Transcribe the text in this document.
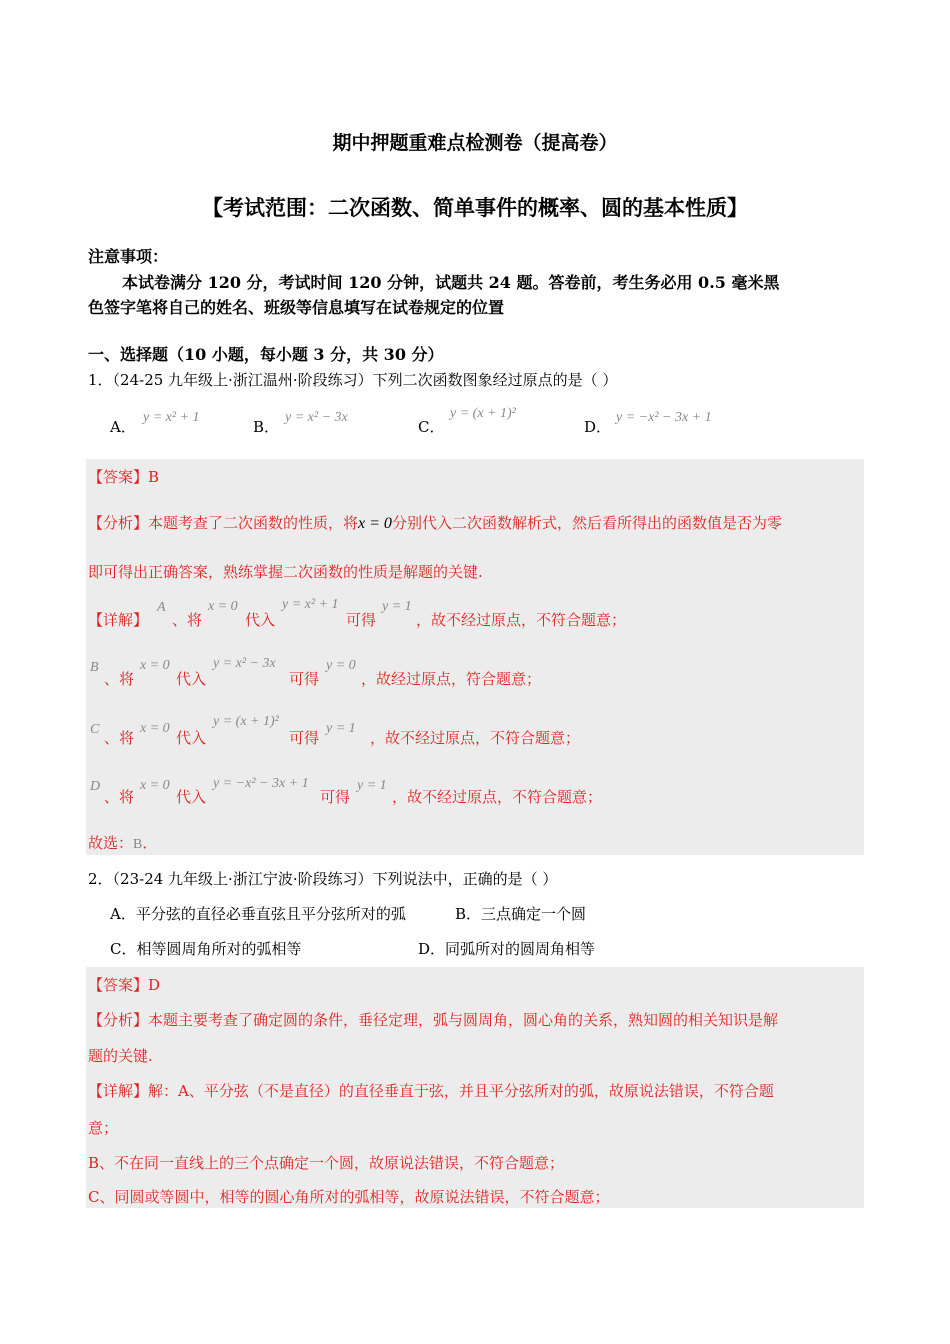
期中押题重难点检测卷（提高卷）
【考试范围：二次函数、简单事件的概率、圆的基本性质】
注意事项：
本试卷满分 120 分，考试时间 120 分钟，试题共 24 题。答卷前，考生务必用 0.5 毫米黑
色签字笔将自己的姓名、班级等信息填写在试卷规定的位置
一、选择题（10 小题，每小题 3 分，共 30 分）
1．（24-25 九年级上·浙江温州·阶段练习）下列二次函数图象经过原点的是（ ）
A．
y = x² + 1
B．
y = x² − 3x
C．
y = (x + 1)²
D．
y = −x² − 3x + 1
【答案】B
【分析】本题考查了二次函数的性质，将x = 0分别代入二次函数解析式，然后看所得出的函数值是否为零
即可得出正确答案，熟练掌握二次函数的性质是解题的关键.
【详解】
A
、将
x = 0
代入
y = x² + 1
可得
y = 1
，故不经过原点，不符合题意；
B
、将
x = 0
代入
y = x² − 3x
可得
y = 0
，故经过原点，符合题意；
C 、将
x = 0
代入
y = (x + 1)²
可得
y = 1
，故不经过原点，不符合题意；
D
、将
x = 0
代入
y = −x² − 3x + 1
可得
y = 1
，故不经过原点，不符合题意；
故选：B．
2．（23-24 九年级上·浙江宁波·阶段练习）下列说法中，正确的是（ ）
A．平分弦的直径必垂直弦且平分弦所对的弧	B．三点确定一个圆
C．相等圆周角所对的弧相等	D．同弧所对的圆周角相等
【答案】D
【分析】本题主要考查了确定圆的条件，垂径定理，弧与圆周角，圆心角的关系，熟知圆的相关知识是解
题的关键.
【详解】解：A、平分弦（不是直径）的直径垂直于弦，并且平分弦所对的弧，故原说法错误，不符合题
意；
B、不在同一直线上的三个点确定一个圆，故原说法错误，不符合题意；
C、同圆或等圆中，相等的圆心角所对的弧相等，故原说法错误，不符合题意；
